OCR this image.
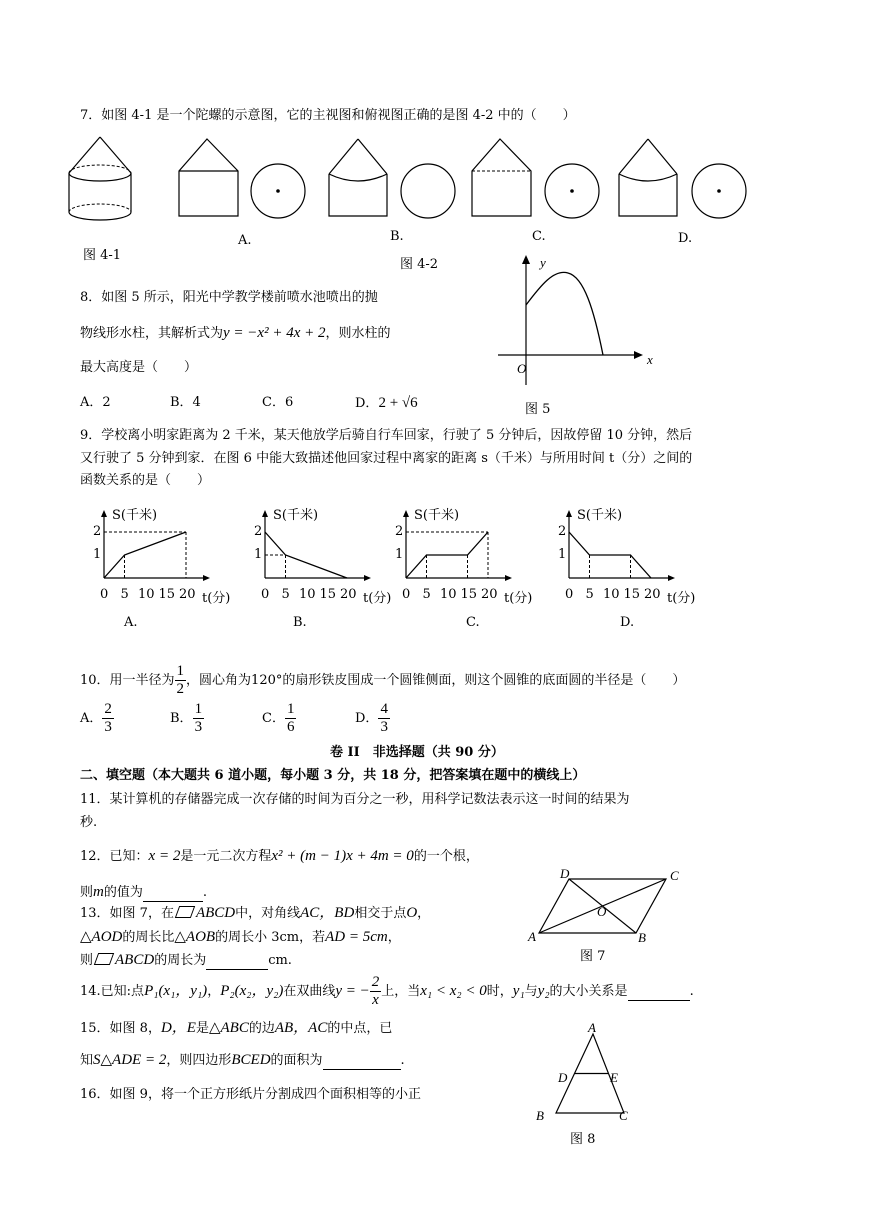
7．如图 4-1 是一个陀螺的示意图，它的主视图和俯视图正确的是图 4-2 中的（　　）
图 4-1
A.	B.
图 4-2
C.	D.
8．如图 5 所示，阳光中学教学楼前喷水池喷出的抛
物线形水柱，其解析式为y = −x² + 4x + 2，则水柱的
最大高度是（　　）
A．2	B．4	C．6	D．2 + √6
y
x
O
图 5
9．学校离小明家距离为 2 千米，某天他放学后骑自行车回家，行驶了 5 分钟后，因故停留 10 分钟，然后
又行驶了 5 分钟到家．在图 6 中能大致描述他回家过程中离家的距离 s（千米）与所用时间 t（分）之间的
函数关系的是（　　）
S(千米)
2
1
0 5 10 15 20 t(分)
A.
S(千米)
2
1
0 5 10 15 20 t(分)
B.
S(千米)
2
1
0 5 10 15 20 t(分)
C.
S(千米)
2
1
0 5 10 15 20 t(分)
D.
10．用一半径为 $\frac{1}{2}$ ，圆心角为120°的扇形铁皮围成一个圆锥侧面，则这个圆锥的底面圆的半径是（　　）
A． $\frac{2}{3}$	B． $\frac{1}{3}$	C． $\frac{1}{6}$	D． $\frac{4}{3}$
卷 II　非选择题（共 90 分）
二、填空题（本大题共 6 道小题，每小题 3 分，共 18 分，把答案填在题中的横线上）
11．某计算机的存储器完成一次存储的时间为百分之一秒，用科学记数法表示这一时间的结果为
秒.
12．已知：x = 2是一元二次方程x² + (m − 1)x + 4m = 0的一个根，
则m的值为	.
13．如图 7，在 ABCD中，对角线AC，BD相交于点O，
△AOD的周长比△AOB的周长小 3cm，若AD = 5cm，
则 ABCD的周长为	cm.
D	C
O
A	B
图 7
14.已知:点P₁(x₁，y₁)，P₂(x₂，y₂)在双曲线y = − $\frac{2}{x}$ 上，当x₁ < x₂ < 0时，y₁与y₂的大小关系是	.
15．如图 8，D，E是△ABC的边AB，AC的中点，已
知S△ADE = 2，则四边形BCED的面积为	.
A
D	E
B	C
图 8
16．如图 9，将一个正方形纸片分割成四个面积相等的小正
